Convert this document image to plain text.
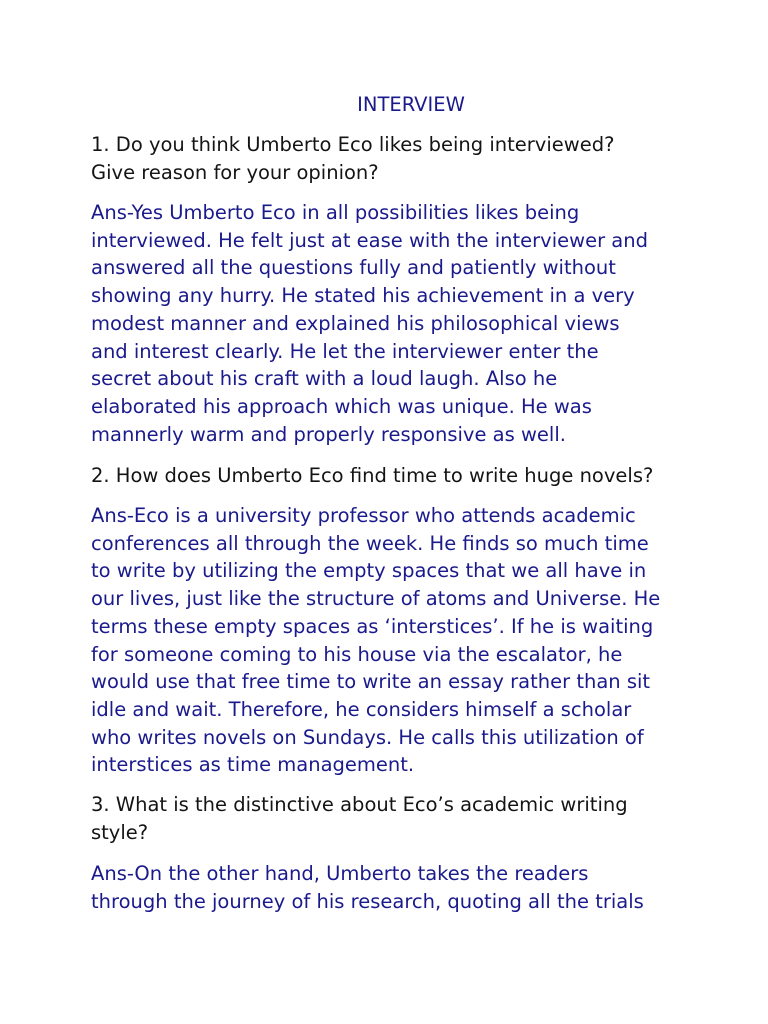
INTERVIEW

1. Do you think Umberto Eco likes being interviewed?
Give reason for your opinion?

Ans-Yes Umberto Eco in all possibilities likes being
interviewed. He felt just at ease with the interviewer and
answered all the questions fully and patiently without
showing any hurry. He stated his achievement in a very
modest manner and explained his philosophical views
and interest clearly. He let the interviewer enter the
secret about his craft with a loud laugh. Also he
elaborated his approach which was unique. He was
mannerly warm and properly responsive as well.

2. How does Umberto Eco find time to write huge novels?

Ans-Eco is a university professor who attends academic
conferences all through the week. He finds so much time
to write by utilizing the empty spaces that we all have in
our lives, just like the structure of atoms and Universe. He
terms these empty spaces as ‘interstices’. If he is waiting
for someone coming to his house via the escalator, he
would use that free time to write an essay rather than sit
idle and wait. Therefore, he considers himself a scholar
who writes novels on Sundays. He calls this utilization of
interstices as time management.

3. What is the distinctive about Eco’s academic writing
style?

Ans-On the other hand, Umberto takes the readers
through the journey of his research, quoting all the trials
